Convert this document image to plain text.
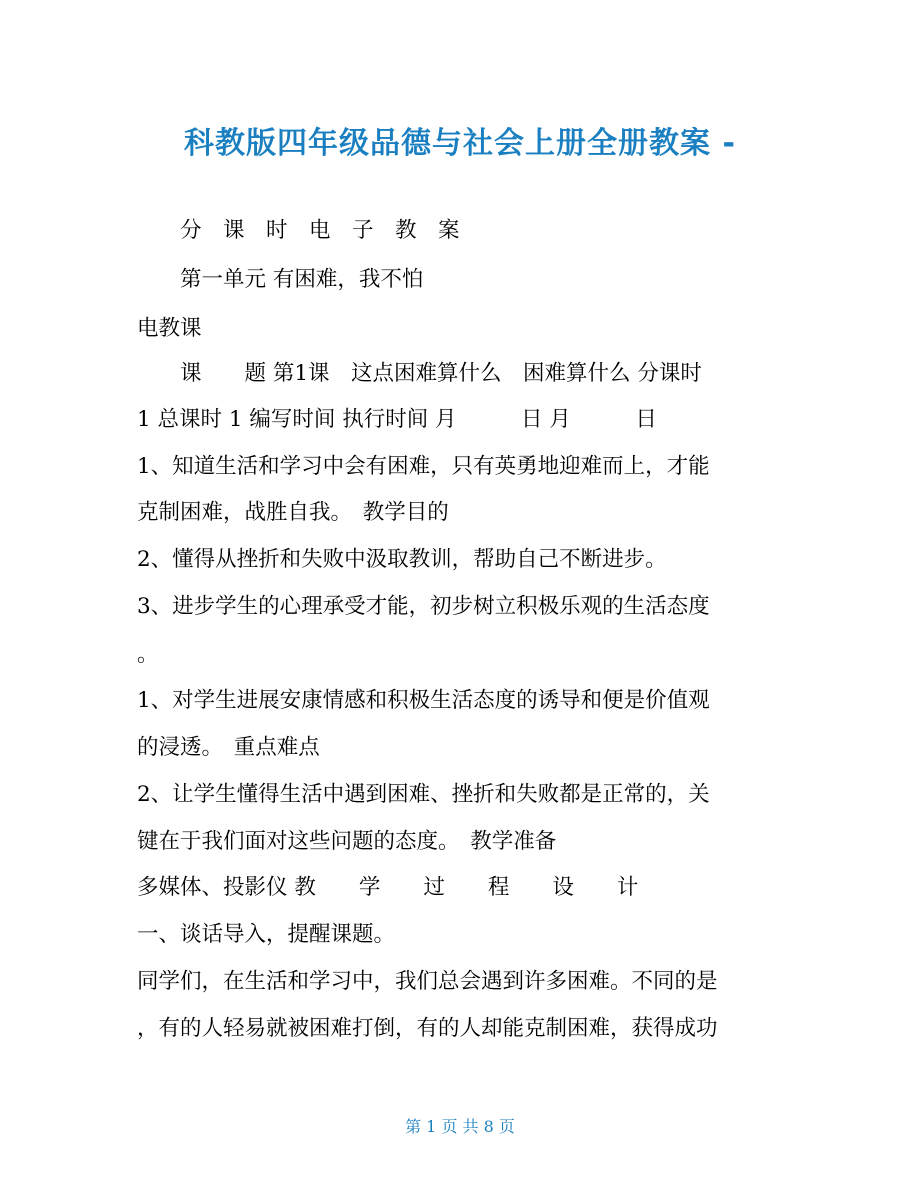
科教版四年级品德与社会上册全册教案 -
　　分　课　时　电　子　教　案
　　第一单元 有困难，我不怕
电教课
　　课　　题 第1课　这点困难算什么　困难算什么 分课时
1 总课时 1 编写时间 执行时间 月　　　日 月　　　日
1、知道生活和学习中会有困难，只有英勇地迎难而上，才能
克制困难，战胜自我。　教学目的
2、懂得从挫折和失败中汲取教训，帮助自己不断进步。
3、进步学生的心理承受才能，初步树立积极乐观的生活态度
。
1、对学生进展安康情感和积极生活态度的诱导和便是价值观
的浸透。　重点难点
2、让学生懂得生活中遇到困难、挫折和失败都是正常的，关
键在于我们面对这些问题的态度。　教学准备
多媒体、投影仪 教　　学　　过　　程　　设　　计
一、谈话导入，提醒课题。
同学们，在生活和学习中，我们总会遇到许多困难。不同的是
，有的人轻易就被困难打倒，有的人却能克制困难，获得成功
第 1 页 共 8 页
